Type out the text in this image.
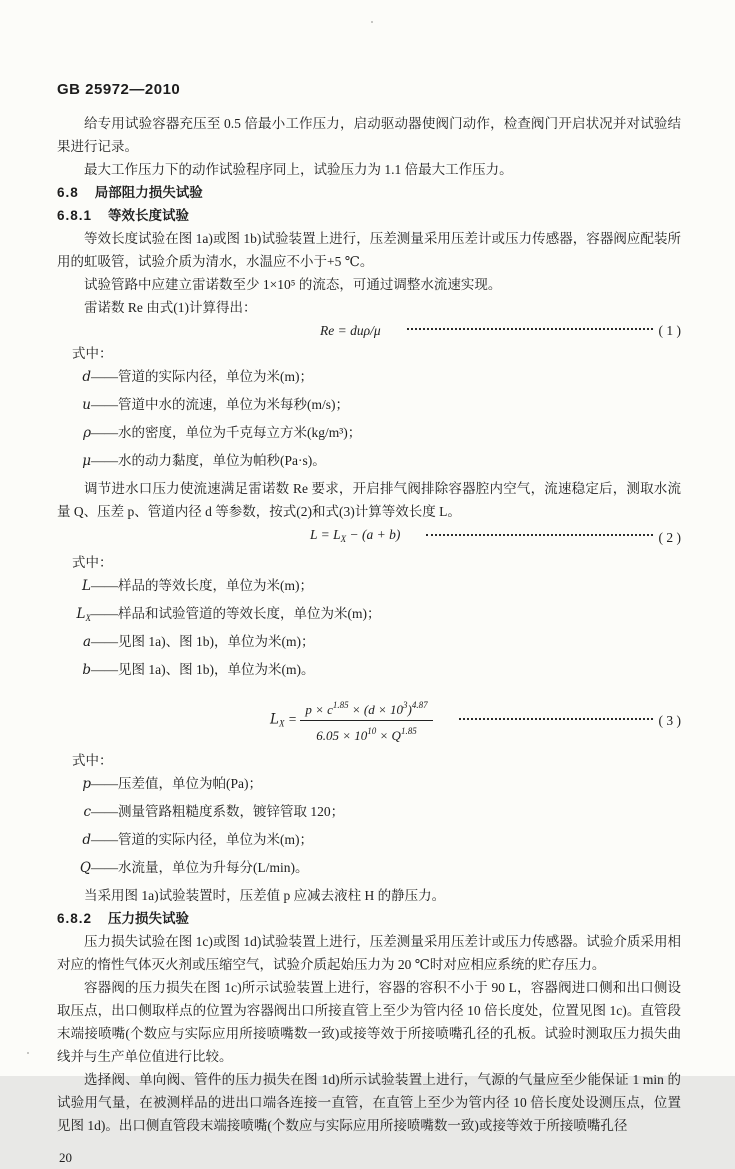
GB 25972—2010

给专用试验容器充压至 0.5 倍最小工作压力，启动驱动器使阀门动作，检查阀门开启状况并对试验结果进行记录。

最大工作压力下的动作试验程序同上，试验压力为 1.1 倍最大工作压力。

6.8 局部阻力损失试验

6.8.1 等效长度试验

等效长度试验在图 1a)或图 1b)试验装置上进行，压差测量采用压差计或压力传感器，容器阀应配装所用的虹吸管，试验介质为清水，水温应不小于+5 ℃。

试验管路中应建立雷诺数至少 1×10⁵ 的流态，可通过调整水流速实现。

雷诺数 Re 由式(1)计算得出：

Re = duρ/μ	( 1 )

式中：

d ——管道的实际内径，单位为米(m)；
u ——管道中水的流速，单位为米每秒(m/s)；
ρ ——水的密度，单位为千克每立方米(kg/m³)；
μ ——水的动力黏度，单位为帕秒(Pa·s)。

调节进水口压力使流速满足雷诺数 Re 要求，开启排气阀排除容器腔内空气，流速稳定后，测取水流量 Q、压差 p、管道内径 d 等参数，按式(2)和式(3)计算等效长度 L。

$L = L_X - (a + b)$	( 2 )

式中：

L ——样品的等效长度，单位为米(m)；
$L_X$ ——样品和试验管道的等效长度，单位为米(m)；
a ——见图 1a)、图 1b)，单位为米(m)；
b ——见图 1a)、图 1b)，单位为米(m)。
$L_X = \frac{p \times c^{1.85} \times (d \times 10^3)^{4.87}}{6.05 \times 10^{10} \times Q^{1.85}}$	( 3 )

式中：

p ——压差值，单位为帕(Pa)；
c ——测量管路粗糙度系数，镀锌管取 120；
d ——管道的实际内径，单位为米(m)；
Q ——水流量，单位为升每分(L/min)。

当采用图 1a)试验装置时，压差值 p 应减去液柱 H 的静压力。

6.8.2 压力损失试验

压力损失试验在图 1c)或图 1d)试验装置上进行，压差测量采用压差计或压力传感器。试验介质采用相对应的惰性气体灭火剂或压缩空气，试验介质起始压力为 20 ℃时对应相应系统的贮存压力。

容器阀的压力损失在图 1c)所示试验装置上进行，容器的容积不小于 90 L，容器阀进口侧和出口侧设取压点，出口侧取样点的位置为容器阀出口所接直管上至少为管内径 10 倍长度处，位置见图 1c)。直管段末端接喷嘴(个数应与实际应用所接喷嘴数一致)或接等效于所接喷嘴孔径的孔板。试验时测取压力损失曲线并与生产单位值进行比较。

选择阀、单向阀、管件的压力损失在图 1d)所示试验装置上进行，气源的气量应至少能保证 1 min 的试验用气量，在被测样品的进出口端各连接一直管，在直管上至少为管内径 10 倍长度处设测压点，位置见图 1d)。出口侧直管段末端接喷嘴(个数应与实际应用所接喷嘴数一致)或接等效于所接喷嘴孔径

20
